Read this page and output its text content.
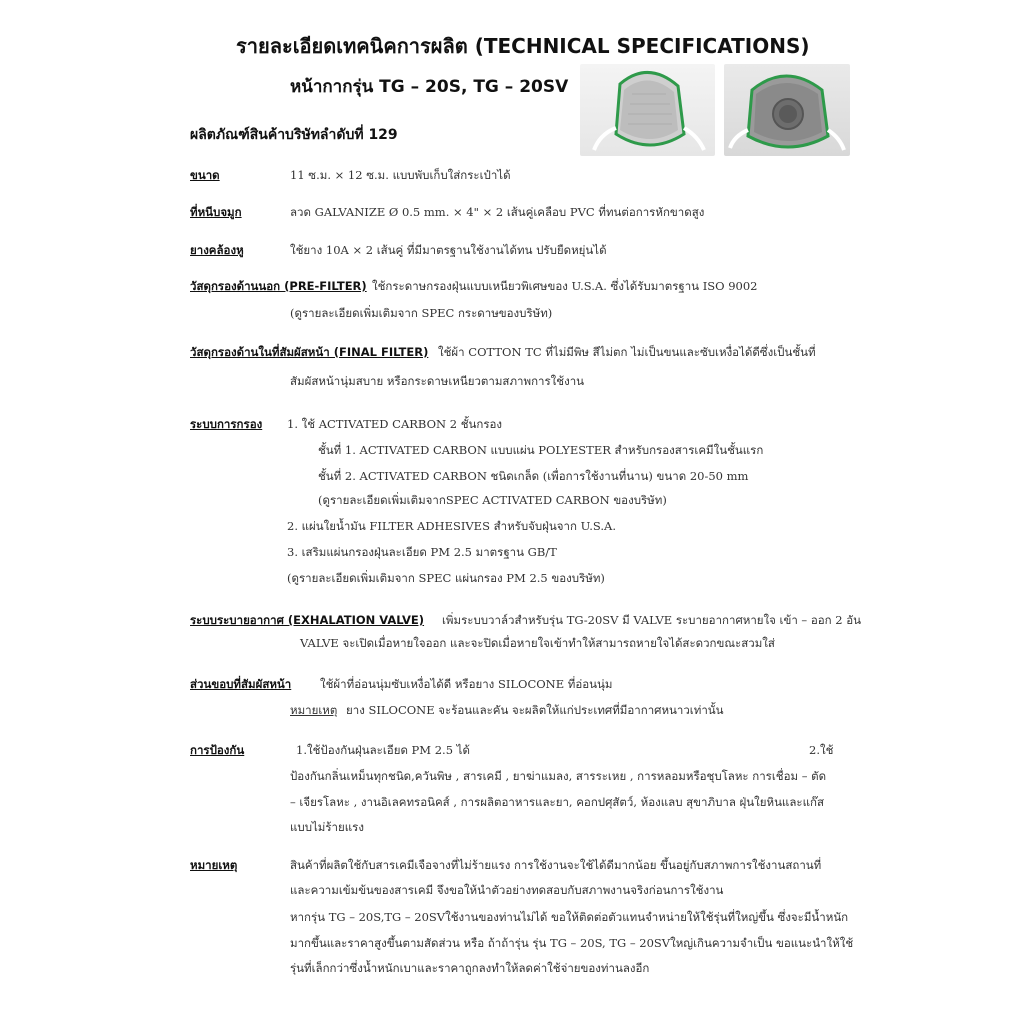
รายละเอียดเทคนิคการผลิต (TECHNICAL SPECIFICATIONS)
หน้ากากรุ่น TG – 20S, TG – 20SV
ผลิตภัณฑ์สินค้าบริษัทลำดับที่ 129
ขนาด	11 ซ.ม. × 12 ซ.ม. แบบพับเก็บใส่กระเป๋าได้
ที่หนีบจมูก	ลวด GALVANIZE Ø 0.5 mm. × 4" × 2 เส้นคู่เคลือบ PVC ที่ทนต่อการหักขาดสูง
ยางคล้องหู	ใช้ยาง 10A × 2 เส้นคู่ ที่มีมาตรฐานใช้งานได้ทน ปรับยืดหยุ่นได้
วัสดุกรองด้านนอก (PRE-FILTER) ใช้กระดาษกรองฝุ่นแบบเหนียวพิเศษของ U.S.A. ซึ่งได้รับมาตรฐาน ISO 9002
(ดูรายละเอียดเพิ่มเติมจาก SPEC กระดาษของบริษัท)
วัสดุกรองด้านในที่สัมผัสหน้า (FINAL FILTER) ใช้ผ้า COTTON TC ที่ไม่มีพิษ สีไม่ตก ไม่เป็นขนและซับเหงื่อได้ดีซึ่งเป็นชั้นที่
สัมผัสหน้านุ่มสบาย หรือกระดาษเหนียวตามสภาพการใช้งาน
ระบบการกรอง 1. ใช้ ACTIVATED CARBON 2 ชั้นกรอง
ชั้นที่ 1. ACTIVATED CARBON แบบแผ่น POLYESTER สำหรับกรองสารเคมีในชั้นแรก
ชั้นที่ 2. ACTIVATED CARBON ชนิดเกล็ด (เพื่อการใช้งานที่นาน) ขนาด 20-50 mm
(ดูรายละเอียดเพิ่มเติมจากSPEC ACTIVATED CARBON ของบริษัท)
2. แผ่นใยน้ำมัน FILTER ADHESIVES สำหรับจับฝุ่นจาก U.S.A.
3. เสริมแผ่นกรองฝุ่นละเอียด PM 2.5 มาตรฐาน GB/T
(ดูรายละเอียดเพิ่มเติมจาก SPEC แผ่นกรอง PM 2.5 ของบริษัท)
ระบบระบายอากาศ (EXHALATION VALVE) เพิ่มระบบวาล์วสำหรับรุ่น TG-20SV มี VALVE ระบายอากาศหายใจ เข้า – ออก 2 อัน
VALVE จะเปิดเมื่อหายใจออก และจะปิดเมื่อหายใจเข้าทำให้สามารถหายใจได้สะดวกขณะสวมใส่
ส่วนขอบที่สัมผัสหน้า	ใช้ผ้าที่อ่อนนุ่มซับเหงื่อได้ดี หรือยาง SILOCONE ที่อ่อนนุ่ม
หมายเหตุ ยาง SILOCONE จะร้อนและคัน จะผลิตให้แก่ประเทศที่มีอากาศหนาวเท่านั้น
การป้องกัน	1.ใช้ป้องกันฝุ่นละเอียด PM 2.5 ได้	2.ใช้
ป้องกันกลิ่นเหม็นทุกชนิด,ควันพิษ , สารเคมี , ยาฆ่าแมลง, สารระเหย , การหลอมหรือชุบโลหะ การเชื่อม – ตัด
– เจียรโลหะ , งานอิเลคทรอนิคส์ , การผลิตอาหารและยา, คอกปศุสัตว์, ห้องแลบ สุขาภิบาล ฝุ่นใยหินและแก๊ส
แบบไม่ร้ายแรง
หมายเหตุ	สินค้าที่ผลิตใช้กับสารเคมีเจือจางที่ไม่ร้ายแรง การใช้งานจะใช้ได้ดีมากน้อย ขึ้นอยู่กับสภาพการใช้งานสถานที่
และความเข้มข้นของสารเคมี จึงขอให้นำตัวอย่างทดสอบกับสภาพงานจริงก่อนการใช้งาน
หากรุ่น TG – 20S,TG – 20SVใช้งานของท่านไม่ได้ ขอให้ติดต่อตัวแทนจำหน่ายให้ใช้รุ่นที่ใหญ่ขึ้น ซึ่งจะมีน้ำหนัก
มากขึ้นและราคาสูงขึ้นตามสัดส่วน หรือ ถ้าถ้ารุ่น รุ่น TG – 20S, TG – 20SVใหญ่เกินความจำเป็น ขอแนะนำให้ใช้
รุ่นที่เล็กกว่าซึ่งน้ำหนักเบาและราคาถูกลงทำให้ลดค่าใช้จ่ายของท่านลงอีก
